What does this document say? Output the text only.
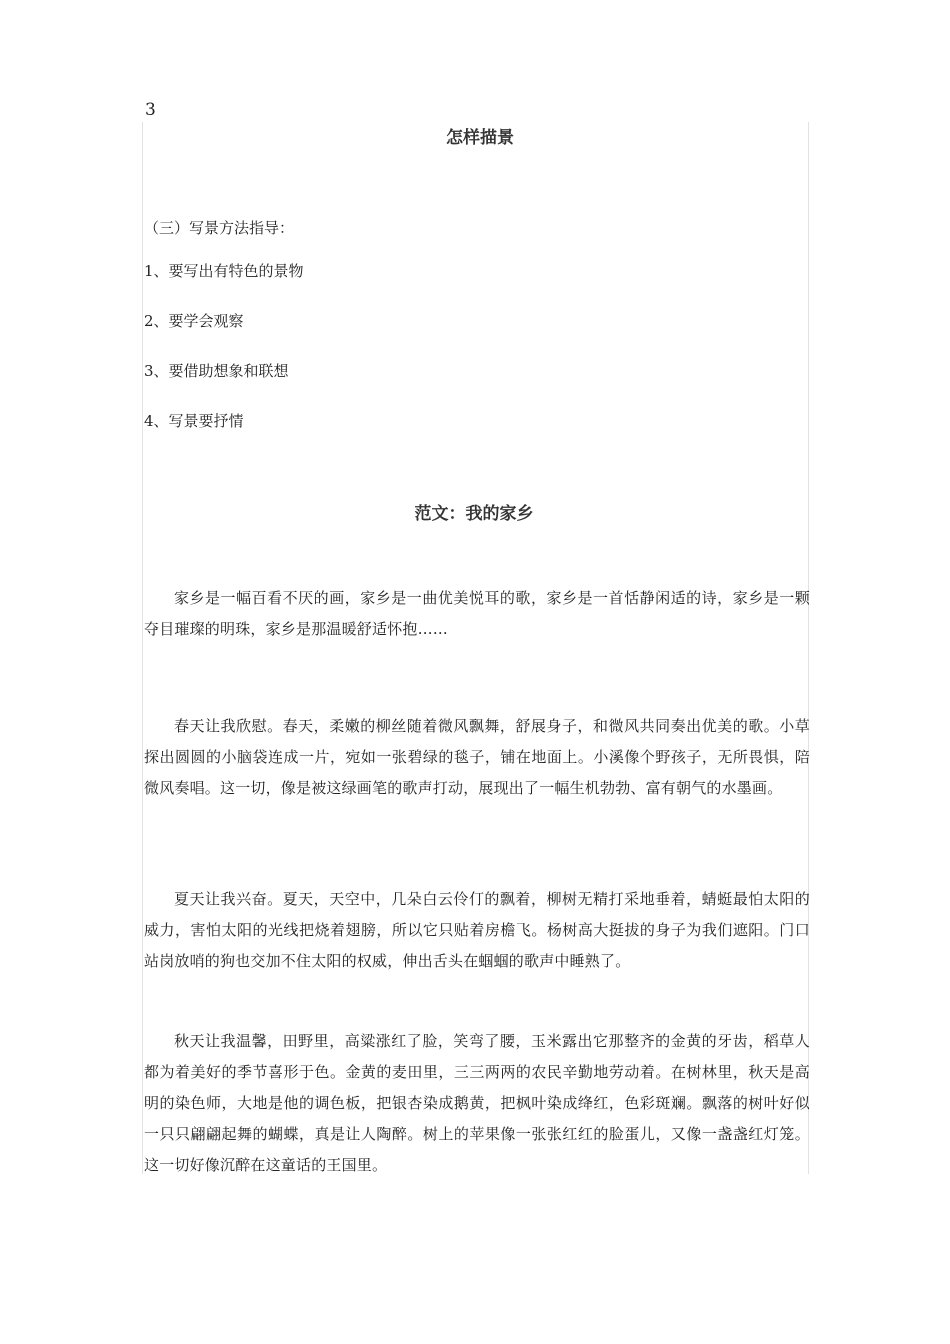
3
怎样描景

（三）写景方法指导：

1、要写出有特色的景物

2、要学会观察

3、要借助想象和联想

4、写景要抒情

范文：我的家乡

家乡是一幅百看不厌的画，家乡是一曲优美悦耳的歌，家乡是一首恬静闲适的诗，家乡是一颗夺目璀璨的明珠，家乡是那温暖舒适怀抱……

春天让我欣慰。春天，柔嫩的柳丝随着微风飘舞，舒展身子，和微风共同奏出优美的歌。小草探出圆圆的小脑袋连成一片，宛如一张碧绿的毯子，铺在地面上。小溪像个野孩子，无所畏惧，陪微风奏唱。这一切，像是被这绿画笔的歌声打动，展现出了一幅生机勃勃、富有朝气的水墨画。

夏天让我兴奋。夏天，天空中，几朵白云伶仃的飘着，柳树无精打采地垂着，蜻蜓最怕太阳的威力，害怕太阳的光线把烧着翅膀，所以它只贴着房檐飞。杨树高大挺拔的身子为我们遮阳。门口站岗放哨的狗也交加不住太阳的权威，伸出舌头在蝈蝈的歌声中睡熟了。

秋天让我温馨，田野里，高粱涨红了脸，笑弯了腰，玉米露出它那整齐的金黄的牙齿，稻草人都为着美好的季节喜形于色。金黄的麦田里，三三两两的农民辛勤地劳动着。在树林里，秋天是高明的染色师，大地是他的调色板，把银杏染成鹅黄，把枫叶染成绛红，色彩斑斓。飘落的树叶好似一只只翩翩起舞的蝴蝶，真是让人陶醉。树上的苹果像一张张红红的脸蛋儿，又像一盏盏红灯笼。这一切好像沉醉在这童话的王国里。
